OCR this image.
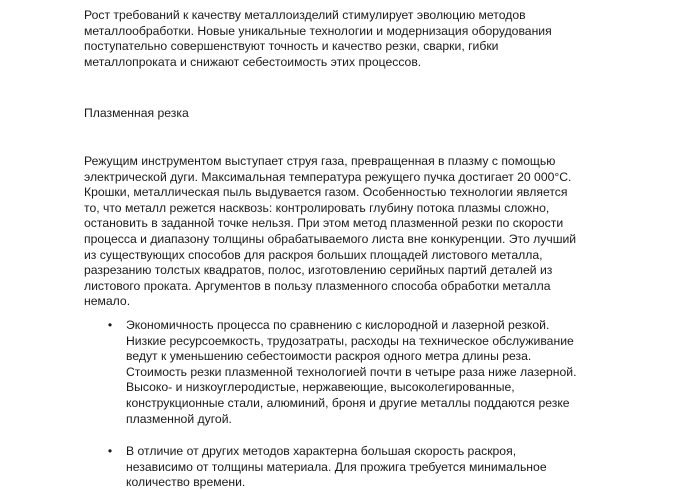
Рост требований к качеству металлоизделий стимулирует эволюцию методов металлообработки. Новые уникальные технологии и модернизация оборудования поступательно совершенствуют точность и качество резки, сварки, гибки металлопроката и снижают себестоимость этих процессов.

Плазменная резка

Режущим инструментом выступает струя газа, превращенная в плазму с помощью электрической дуги. Максимальная температура режущего пучка достигает 20 000°С. Крошки, металлическая пыль выдувается газом. Особенностью технологии является то, что металл режется насквозь: контролировать глубину потока плазмы сложно, остановить в заданной точке нельзя. При этом метод плазменной резки по скорости процесса и диапазону толщины обрабатываемого листа вне конкуренции. Это лучший из существующих способов для раскроя больших площадей листового металла, разрезанию толстых квадратов, полос, изготовлению серийных партий деталей из листового проката. Аргументов в пользу плазменного способа обработки металла немало.

•	Экономичность процесса по сравнению с кислородной и лазерной резкой. Низкие ресурсоемкость, трудозатраты, расходы на техническое обслуживание ведут к уменьшению себестоимости раскроя одного метра длины реза. Стоимость резки плазменной технологией почти в четыре раза ниже лазерной. Высоко- и низкоуглеродистые, нержавеющие, высоколегированные, конструкционные стали, алюминий, броня и другие металлы поддаются резке плазменной дугой.
•	В отличие от других методов характерна большая скорость раскроя, независимо от толщины материала. Для прожига требуется минимальное количество времени.
